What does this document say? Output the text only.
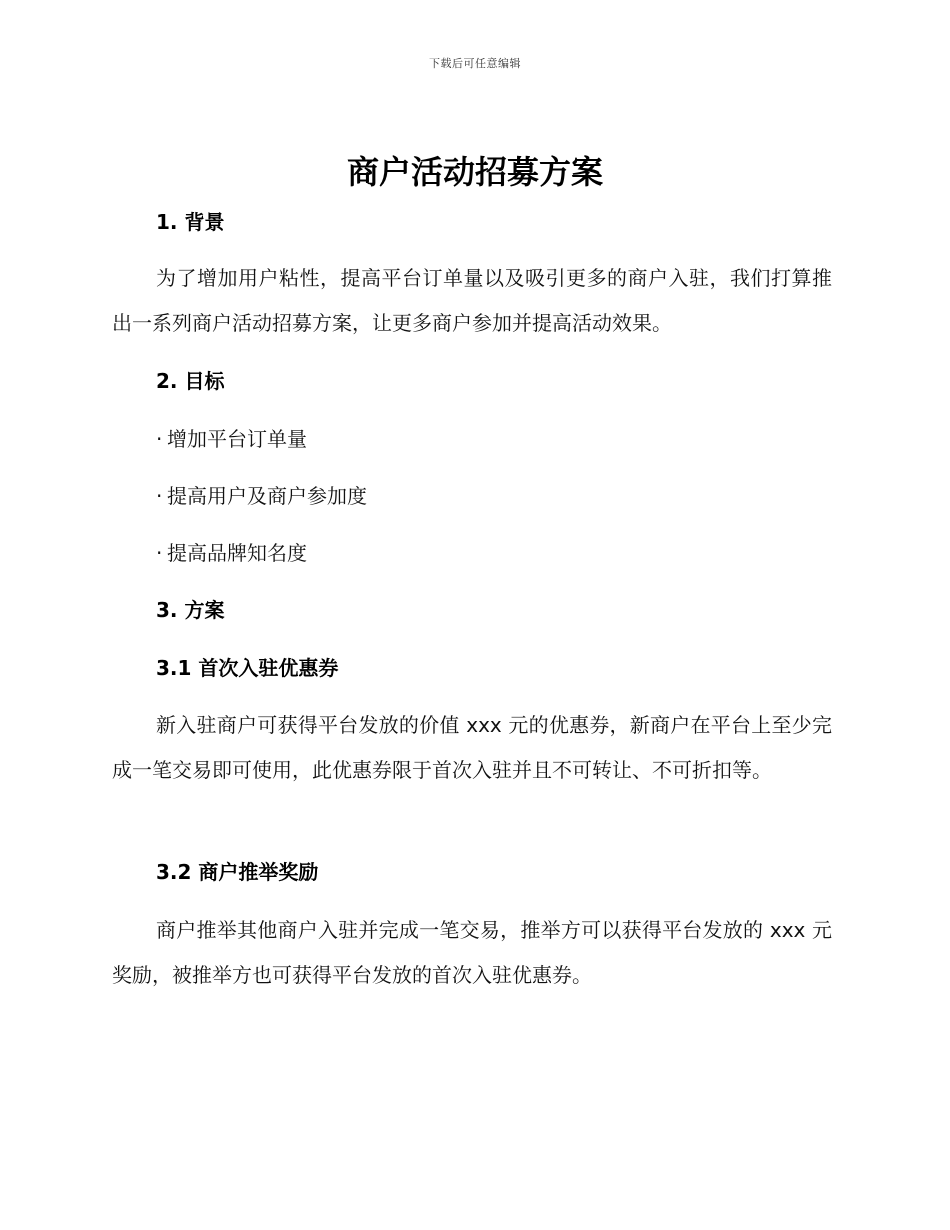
下载后可任意编辑
商户活动招募方案
1. 背景
为了增加用户粘性，提高平台订单量以及吸引更多的商户入驻，我们打算推出一系列商户活动招募方案，让更多商户参加并提高活动效果。
2. 目标
· 增加平台订单量
· 提高用户及商户参加度
· 提高品牌知名度
3. 方案
3.1 首次入驻优惠券
新入驻商户可获得平台发放的价值 xxx 元的优惠券，新商户在平台上至少完成一笔交易即可使用，此优惠券限于首次入驻并且不可转让、不可折扣等。
3.2 商户推举奖励
商户推举其他商户入驻并完成一笔交易，推举方可以获得平台发放的 xxx 元奖励，被推举方也可获得平台发放的首次入驻优惠券。
